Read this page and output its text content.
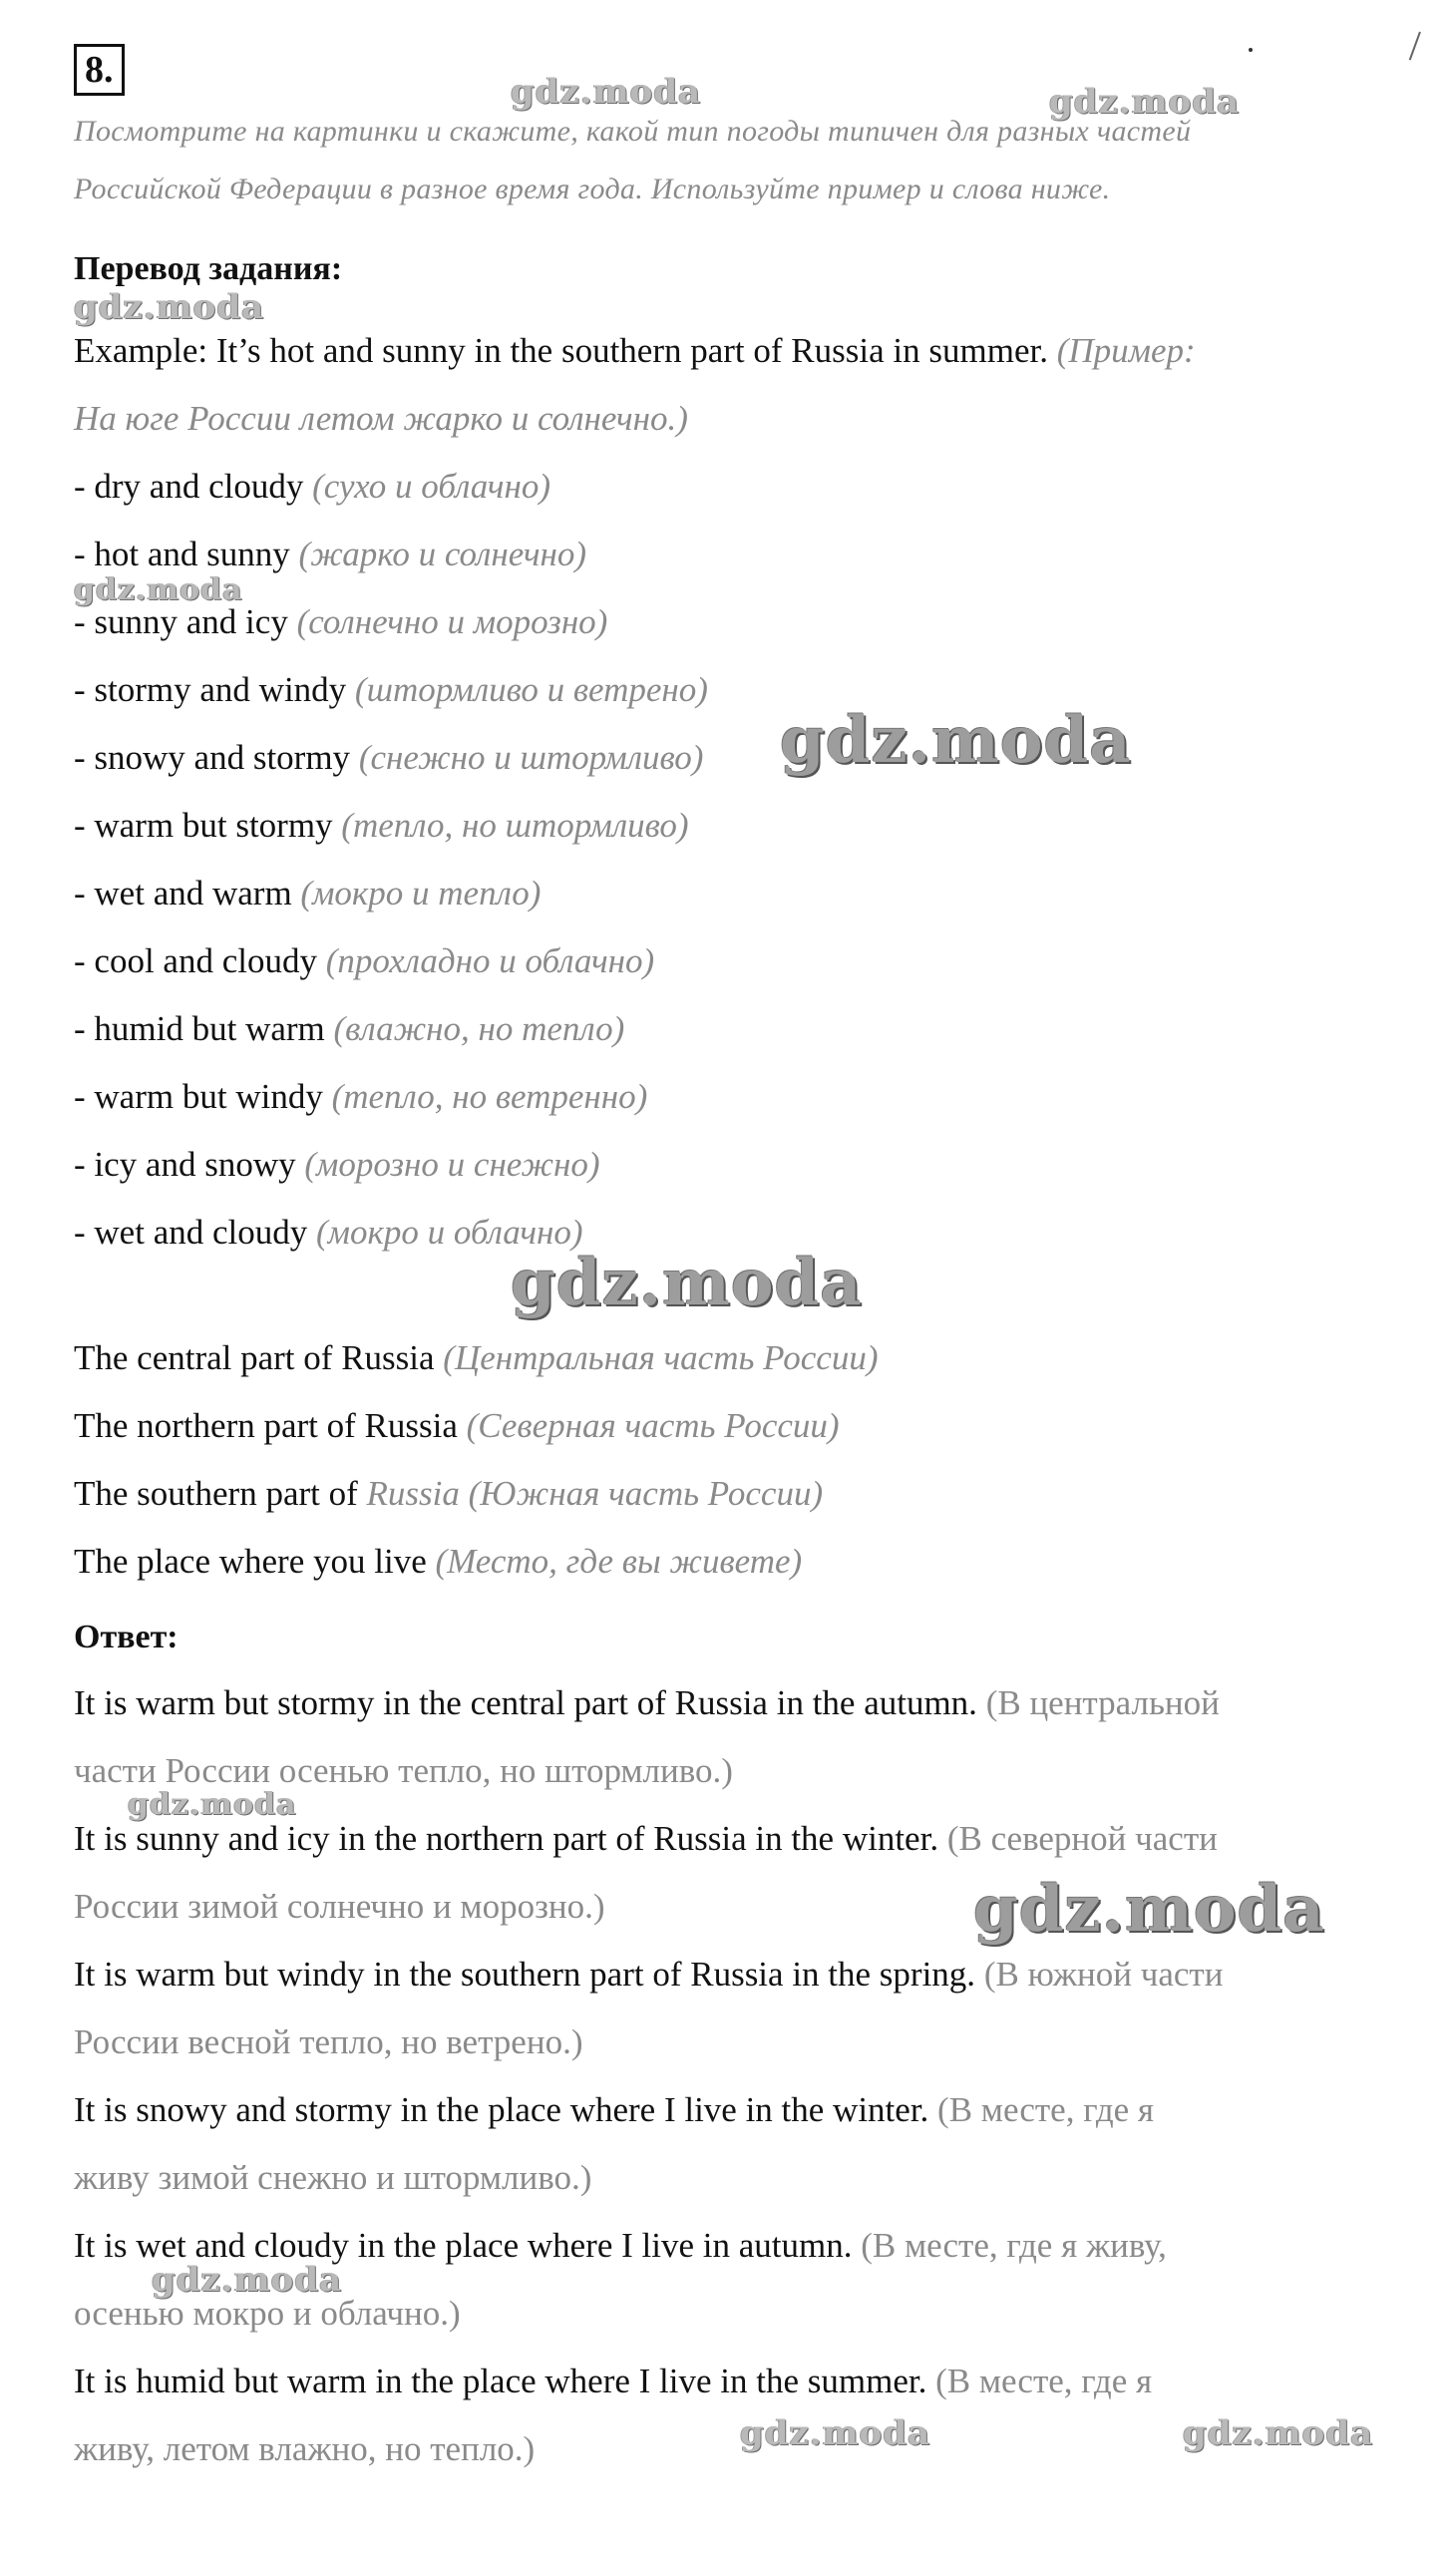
8.
Посмотрите на картинки и скажите, какой тип погоды типичен для разных частей
Российской Федерации в разное время года. Используйте пример и слова ниже.
Перевод задания:
Example: It’s hot and sunny in the southern part of Russia in summer. (Пример:
На юге России летом жарко и солнечно.)
- dry and cloudy (сухо и облачно)
- hot and sunny (жарко и солнечно)
- sunny and icy (солнечно и морозно)
- stormy and windy (штормливо и ветрено)
- snowy and stormy (снежно и штормливо)
- warm but stormy (тепло, но штормливо)
- wet and warm (мокро и тепло)
- cool and cloudy (прохладно и облачно)
- humid but warm (влажно, но тепло)
- warm but windy (тепло, но ветренно)
- icy and snowy (морозно и снежно)
- wet and cloudy (мокро и облачно)
The central part of Russia (Центральная часть России)
The northern part of Russia (Северная часть России)
The southern part of Russia (Южная часть России)
The place where you live (Место, где вы живете)
Ответ:
It is warm but stormy in the central part of Russia in the autumn. (В центральной
части России осенью тепло, но штормливо.)
It is sunny and icy in the northern part of Russia in the winter. (В северной части
России зимой солнечно и морозно.)
It is warm but windy in the southern part of Russia in the spring. (В южной части
России весной тепло, но ветрено.)
It is snowy and stormy in the place where I live in the winter. (В месте, где я
живу зимой снежно и штормливо.)
It is wet and cloudy in the place where I live in autumn. (В месте, где я живу,
осенью мокро и облачно.)
It is humid but warm in the place where I live in the summer. (В месте, где я
живу, летом влажно, но тепло.)
gdz.moda	gdz.moda
gdz.moda
gdz.moda
gdz.moda
gdz.moda
gdz.moda
gdz.moda
gdz.moda
gdz.moda	gdz.moda
